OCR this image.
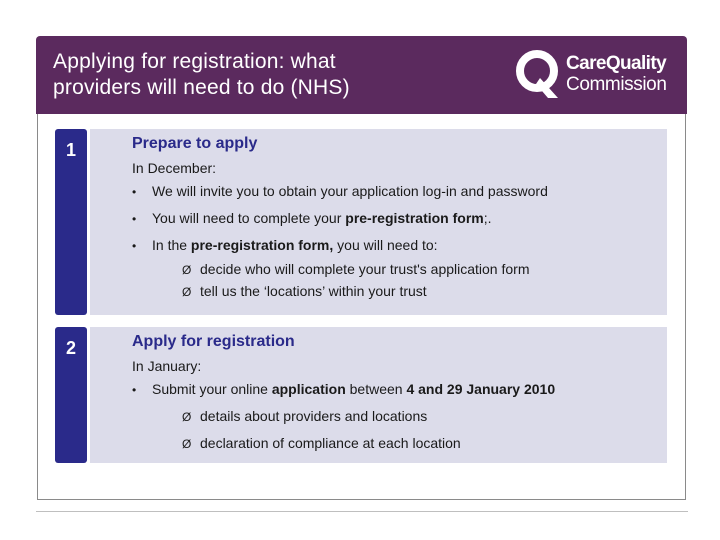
Applying for registration: what
providers will need to do (NHS)
CareQuality
Commission
1	Prepare to apply
In December:
• We will invite you to obtain your application log-in and password
• You will need to complete your pre-registration form;.
• In the pre-registration form, you will need to:
Ø decide who will complete your trust's application form
Ø tell us the ‘locations’ within your trust
2	Apply for registration
In January:
• Submit your online application between 4 and 29 January 2010
Ø details about providers and locations
Ø declaration of compliance at each location
